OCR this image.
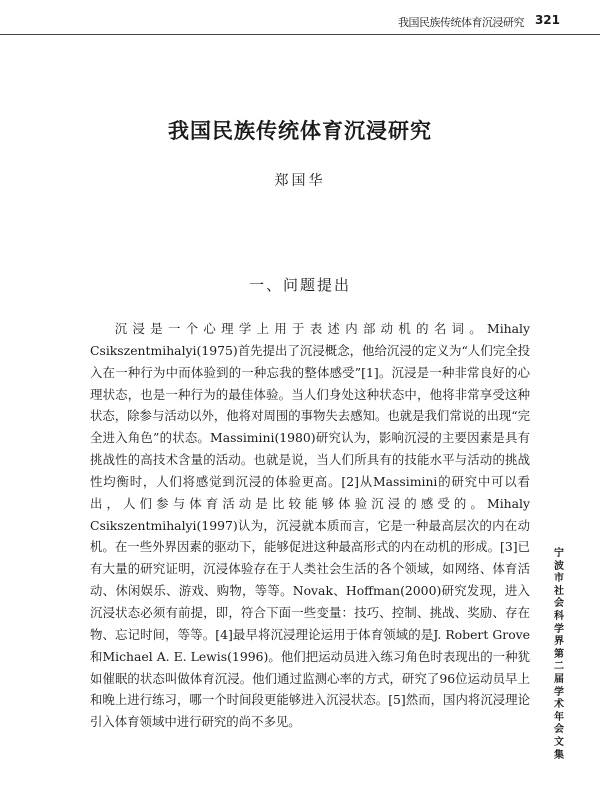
我国民族传统体育沉浸研究 321
我国民族传统体育沉浸研究
郑国华
一、问题提出

沉浸是一个心理学上用于表述内部动机的名词。Mihaly Csikszentmihalyi(1975)首先提出了沉浸概念，他给沉浸的定义为“人们完全投入在一种行为中而体验到的一种忘我的整体感受”[1]。沉浸是一种非常良好的心理状态，也是一种行为的最佳体验。当人们身处这种状态中，他将非常享受这种状态，除参与活动以外，他将对周围的事物失去感知。也就是我们常说的出现“完全进入角色”的状态。Massimini(1980)研究认为，影响沉浸的主要因素是具有挑战性的高技术含量的活动。也就是说，当人们所具有的技能水平与活动的挑战性均衡时，人们将感觉到沉浸的体验更高。[2]从Massimini的研究中可以看出，人们参与体育活动是比较能够体验沉浸的感受的。Mihaly Csikszentmihalyi(1997)认为，沉浸就本质而言，它是一种最高层次的内在动机。在一些外界因素的驱动下，能够促进这种最高形式的内在动机的形成。[3]已有大量的研究证明，沉浸体验存在于人类社会生活的各个领域，如网络、体育活动、休闲娱乐、游戏、购物，等等。Novak、Hoffman(2000)研究发现，进入沉浸状态必须有前提，即，符合下面一些变量：技巧、控制、挑战、奖励、存在物、忘记时间，等等。[4]最早将沉浸理论运用于体育领域的是J. Robert Grove和Michael A. E. Lewis(1996)。他们把运动员进入练习角色时表现出的一种犹如催眠的状态叫做体育沉浸。他们通过监测心率的方式，研究了96位运动员早上和晚上进行练习，哪一个时间段更能够进入沉浸状态。[5]然而，国内将沉浸理论引入体育领域中进行研究的尚不多见。

宁波市社会科学界第二届学术年会文集
